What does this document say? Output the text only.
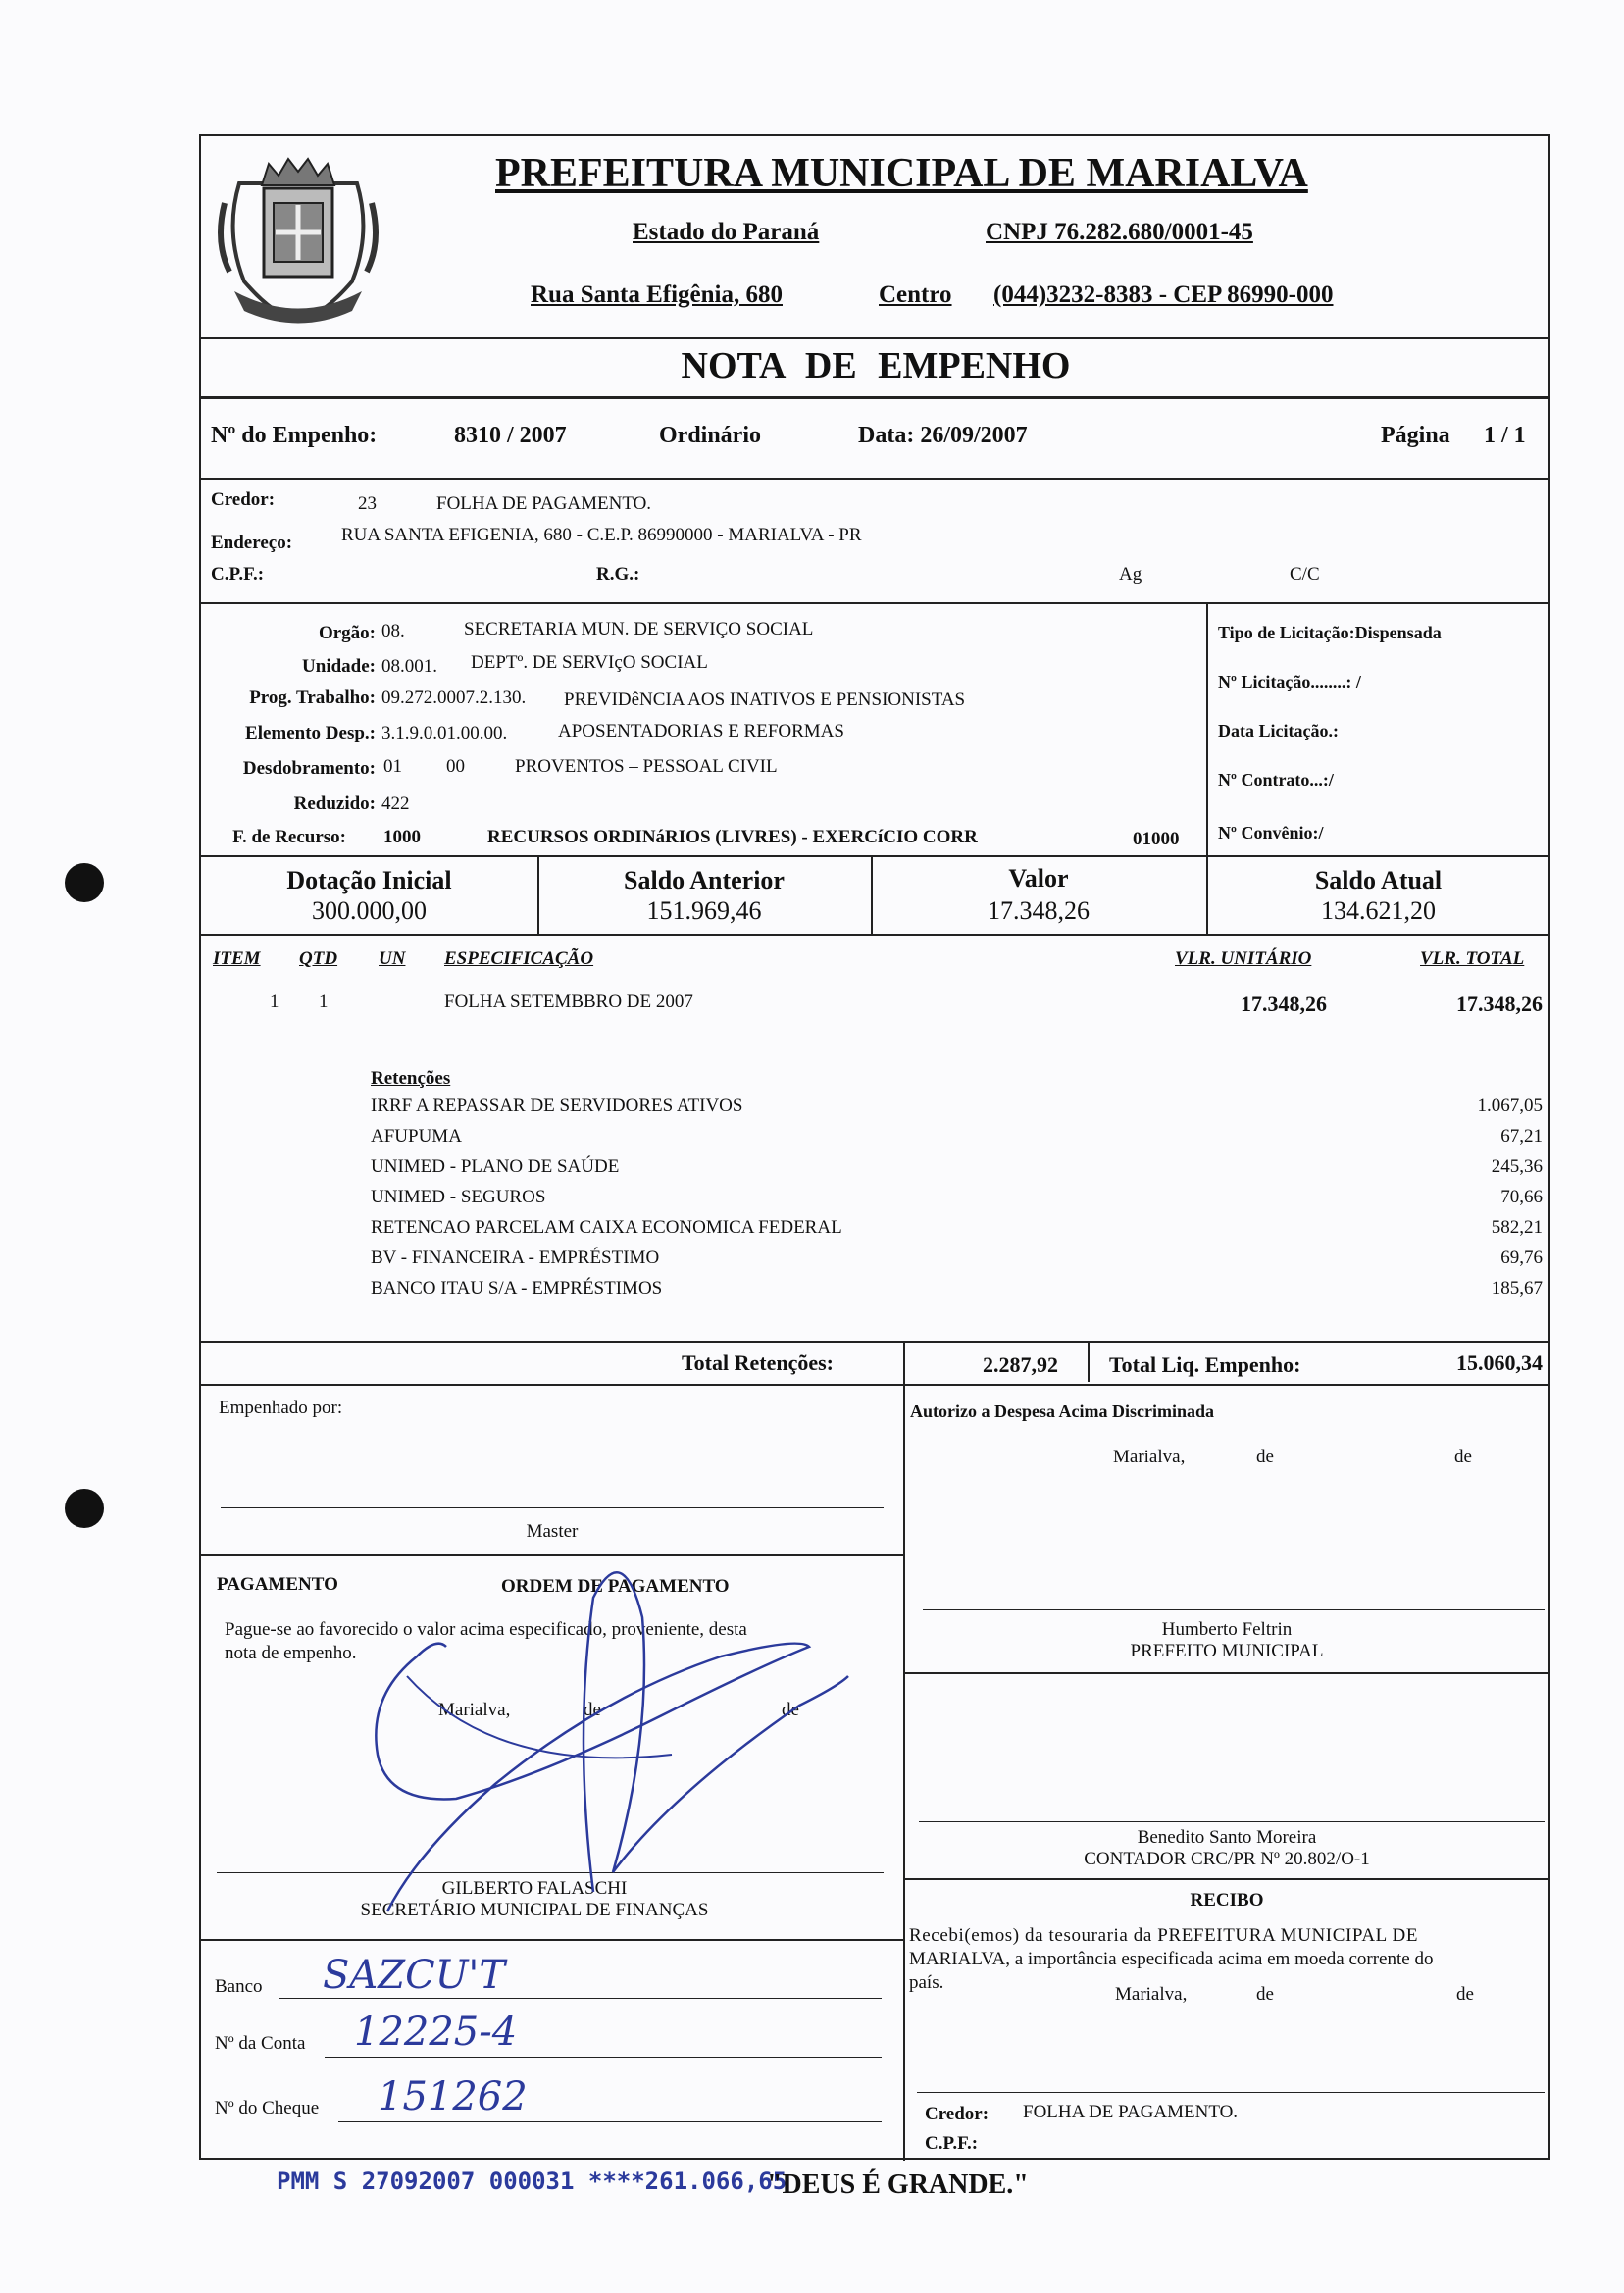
PREFEITURA MUNICIPAL DE MARIALVA
Estado do Paraná	CNPJ 76.282.680/0001-45
Rua Santa Efigênia, 680	Centro (044)3232-8383 - CEP 86990-000
NOTA DE EMPENHO
Nº do Empenho:	8310 / 2007	Ordinário	Data: 26/09/2007	Página 1 / 1
Credor:	23	FOLHA DE PAGAMENTO.
Endereço:	RUA SANTA EFIGENIA, 680 - C.E.P. 86990000 - MARIALVA - PR
C.P.F.:	R.G.:	Ag	C/C
Orgão: 08.	SECRETARIA MUN. DE SERVIÇO SOCIAL
Unidade: 08.001. DEPTº. DE SERVIçO SOCIAL
Prog. Trabalho: 09.272.0007.2.130. PREVIDêNCIA AOS INATIVOS E PENSIONISTAS
Elemento Desp.: 3.1.9.0.01.00.00.	APOSENTADORIAS E REFORMAS
Desdobramento: 01 00	PROVENTOS – PESSOAL CIVIL
Reduzido: 422
F. de Recurso: 1000	RECURSOS ORDINáRIOS (LIVRES) - EXERCíCIO CORR	01000
Tipo de Licitação:Dispensada
Nº Licitação........: /
Data Licitação.:
Nº Contrato...:/
Nº Convênio:/
Dotação Inicial
300.000,00
Saldo Anterior
151.969,46
Valor
17.348,26
Saldo Atual
134.621,20
ITEM QTD UN ESPECIFICAÇÃO	VLR. UNITÁRIO	VLR. TOTAL
1 1	FOLHA SETEMBBRO DE 2007	17.348,26	17.348,26
Retenções
Total Retenções:	2.287,92 Total Liq. Empenho:	15.060,34
Empenhado por:
Master
PAGAMENTO	ORDEM DE PAGAMENTO
Pague-se ao favorecido o valor acima especificado, proveniente, desta
nota de empenho.
Marialva,	de	de
GILBERTO FALASCHI
SECRETÁRIO MUNICIPAL DE FINANÇAS
Banco SAZCU'T
Nº da Conta 12225-4
Nº do Cheque 151262
Autorizo a Despesa Acima Discriminada
Marialva,	de	de
Humberto Feltrin
PREFEITO MUNICIPAL
Benedito Santo Moreira
CONTADOR CRC/PR Nº 20.802/O-1
RECIBO
Recebi(emos) da tesouraria da PREFEITURA MUNICIPAL DE
MARIALVA, a importância especificada acima em moeda corrente do
país.
Marialva,	de	de
Credor: FOLHA DE PAGAMENTO.
C.P.F.:
IRRF A REPASSAR DE SERVIDORES ATIVOS	1.067,05
AFUPUMA	67,21
UNIMED - PLANO DE SAÚDE	245,36
UNIMED - SEGUROS	70,66
RETENCAO PARCELAM CAIXA ECONOMICA FEDERAL	582,21
BV - FINANCEIRA - EMPRÉSTIMO	69,76
BANCO ITAU S/A - EMPRÉSTIMOS	185,67
PMM S 27092007 000031 ****261.066,65
"DEUS É GRANDE."
